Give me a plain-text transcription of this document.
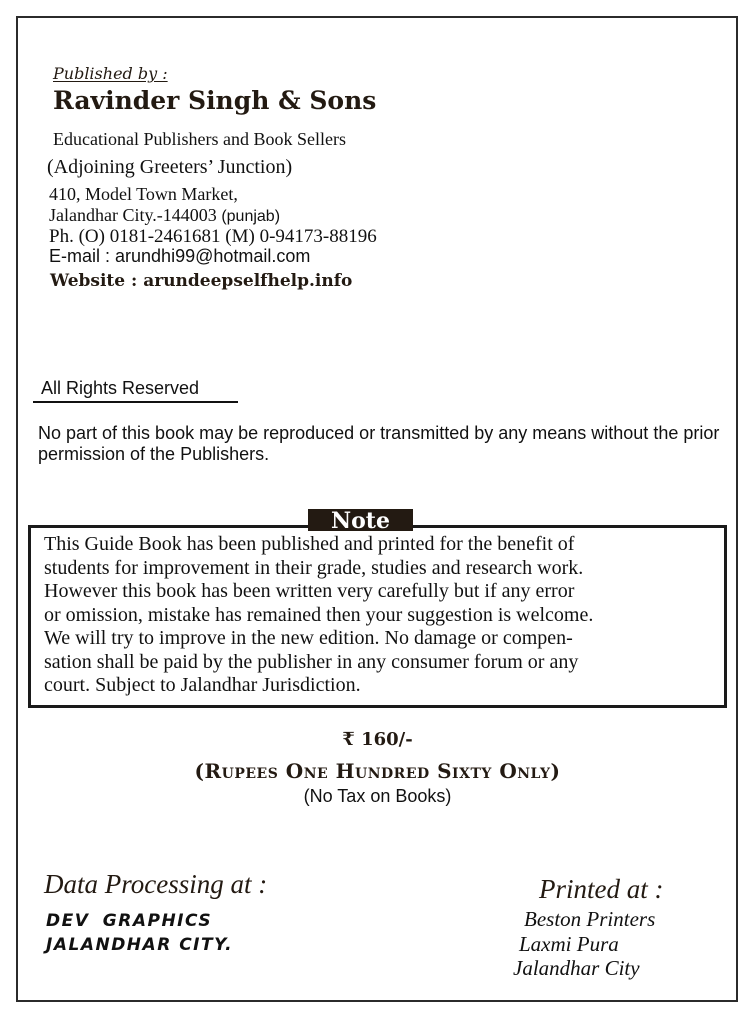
Published by :
Ravinder Singh & Sons
Educational Publishers and Book Sellers
(Adjoining Greeters’ Junction)
410, Model Town Market,
Jalandhar City.-144003 (punjab)
Ph. (O) 0181-2461681 (M) 0-94173-88196
E-mail : arundhi99@hotmail.com
Website : arundeepselfhelp.info
All Rights Reserved
No part of this book may be reproduced or transmitted by any means without the prior permission of the Publishers.
Note
This Guide Book has been published and printed for the benefit of
students for improvement in their grade, studies and research work.
However this book has been written very carefully but if any error
or omission, mistake has remained then your suggestion is welcome.
We will try to improve in the new edition. No damage or compen-
sation shall be paid by the publisher in any consumer forum or any
court. Subject to Jalandhar Jurisdiction.
₹ 160/-
(Rupees One Hundred Sixty Only)
(No Tax on Books)
Data Processing at :
DEV GRAPHICS
JALANDHAR CITY.
Printed at :
Beston Printers
Laxmi Pura
Jalandhar City
